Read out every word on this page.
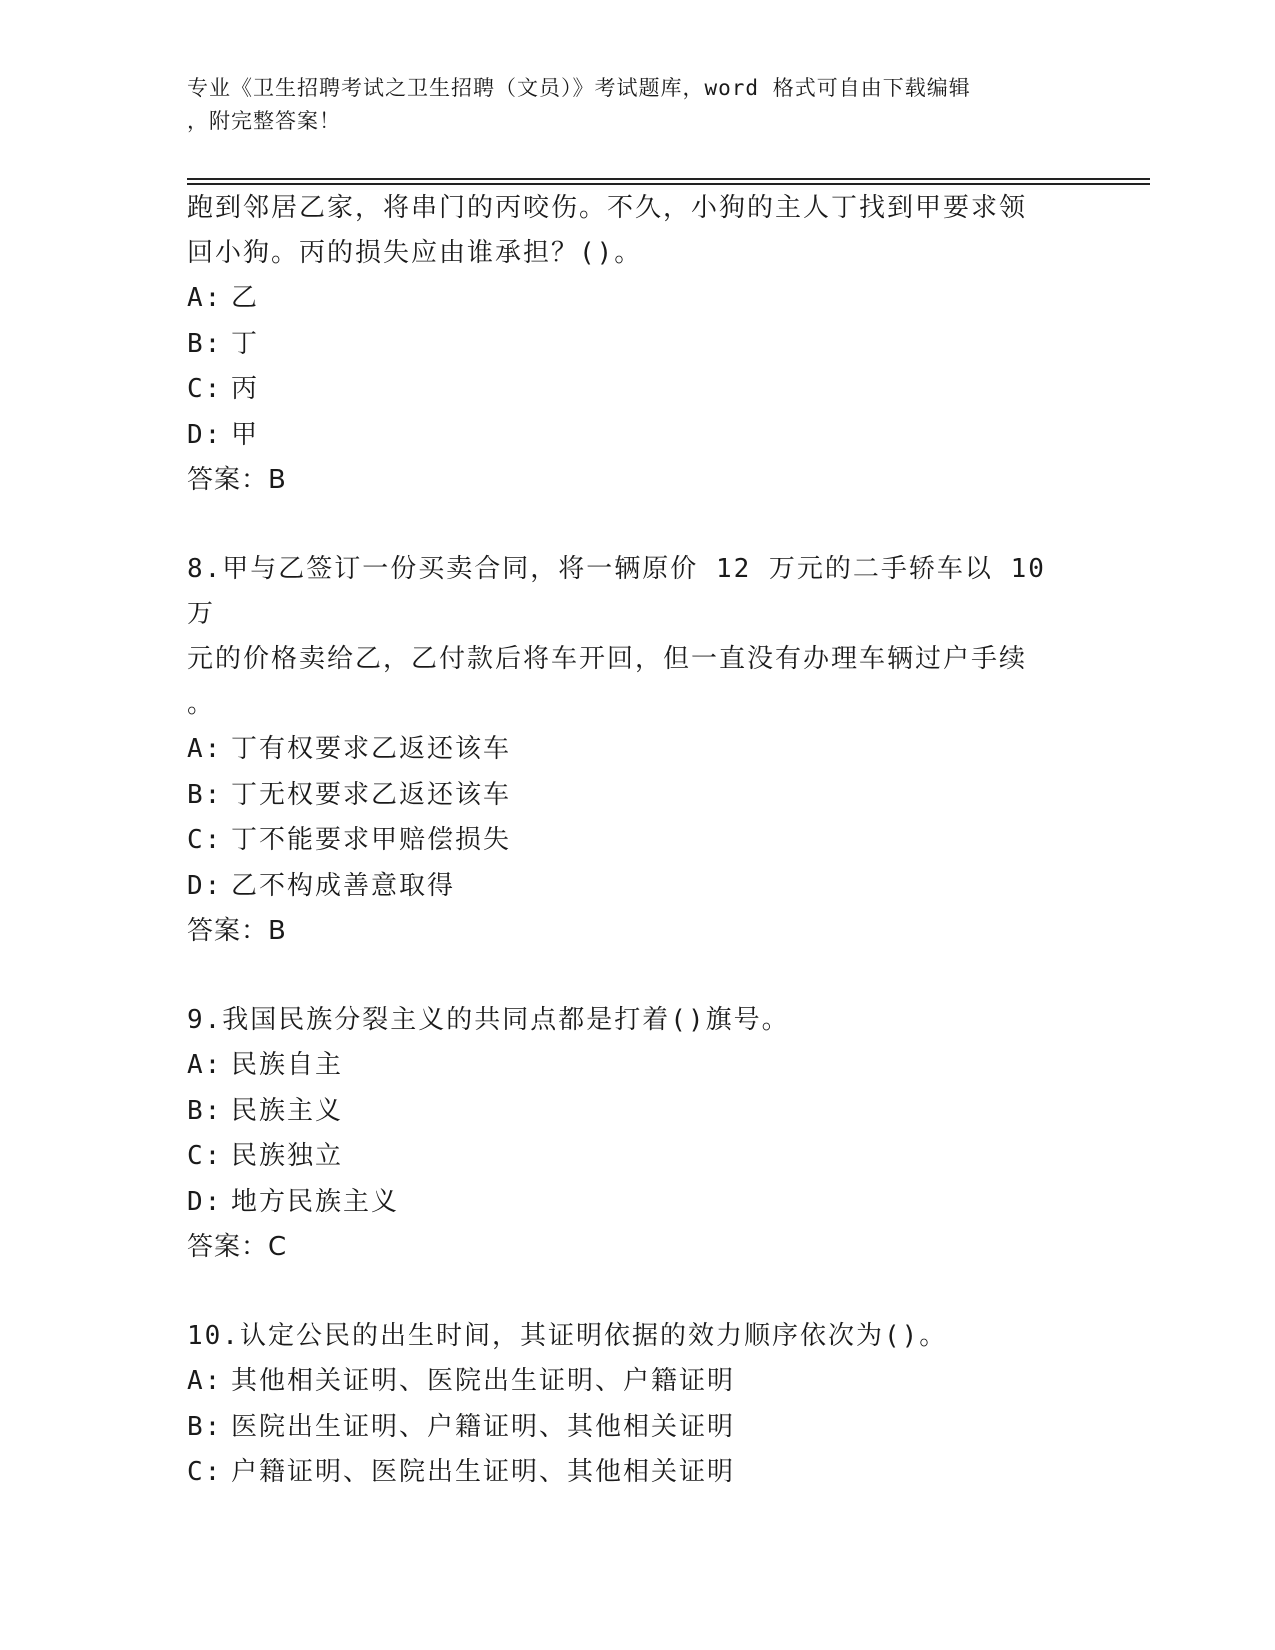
专业《卫生招聘考试之卫生招聘（文员）》考试题库，word 格式可自由下载编辑
，附完整答案！
跑到邻居乙家，将串门的丙咬伤。不久，小狗的主人丁找到甲要求领
回小狗。丙的损失应由谁承担？()。
A: 乙
B: 丁
C: 丙
D: 甲
答案：B
8.甲与乙签订一份买卖合同，将一辆原价 12 万元的二手轿车以 10 万
元的价格卖给乙，乙付款后将车开回，但一直没有办理车辆过户手续
。
A: 丁有权要求乙返还该车
B: 丁无权要求乙返还该车
C: 丁不能要求甲赔偿损失
D: 乙不构成善意取得
答案：B
9.我国民族分裂主义的共同点都是打着()旗号。
A: 民族自主
B: 民族主义
C: 民族独立
D: 地方民族主义
答案：C
10.认定公民的出生时间，其证明依据的效力顺序依次为()。
A: 其他相关证明、医院出生证明、户籍证明
B: 医院出生证明、户籍证明、其他相关证明
C: 户籍证明、医院出生证明、其他相关证明
